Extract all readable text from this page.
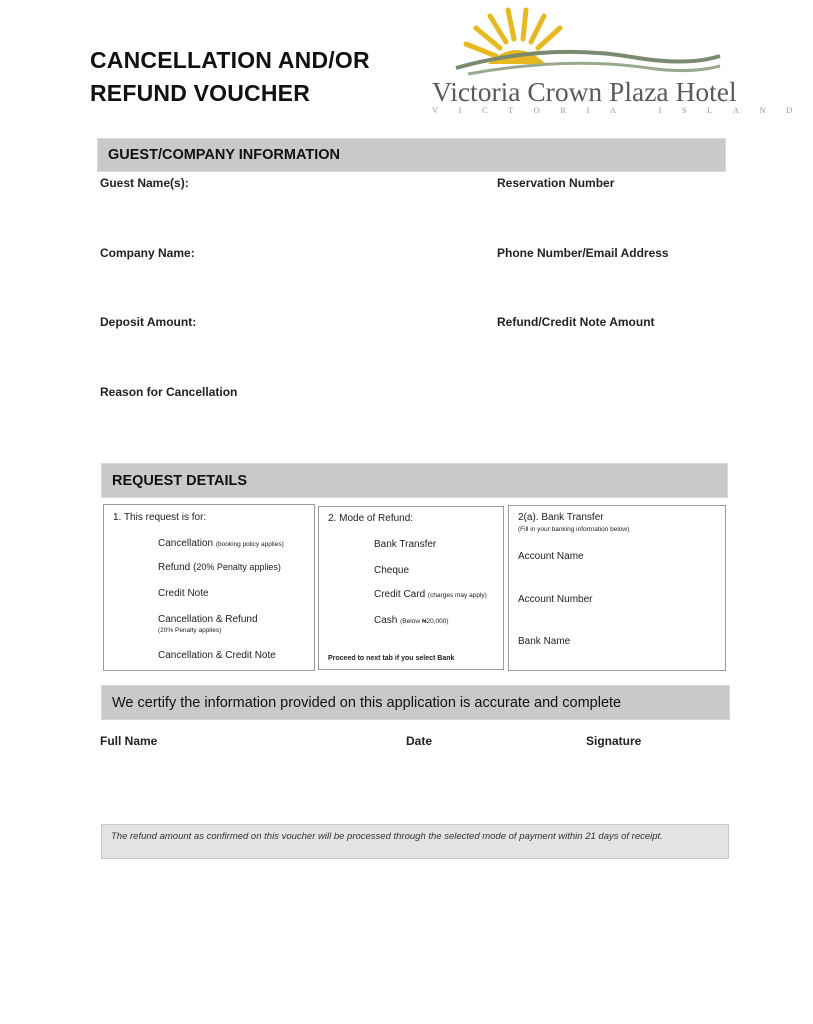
CANCELLATION AND/OR
REFUND VOUCHER	Victoria Crown Plaza Hotel
VICTORIA ISLAND
GUEST/COMPANY INFORMATION
Guest Name(s):	Reservation Number
Company Name:	Phone Number/Email Address
Deposit Amount:	Refund/Credit Note Amount
Reason for Cancellation
REQUEST DETAILS
1. This request is for:
Cancellation (booking policy applies)
Refund (20% Penalty applies)
Credit Note
Cancellation & Refund
(20% Penalty applies)
Cancellation & Credit Note
2. Mode of Refund:
Bank Transfer
Cheque
Credit Card (charges may apply)
Cash (Below ₦20,000)
Proceed to next tab if you select Bank
2(a). Bank Transfer
(Fill in your banking information below)
Account Name
Account Number
Bank Name
We certify the information provided on this application is accurate and complete
Full Name	Date	Signature
The refund amount as confirmed on this voucher will be processed through the selected mode of payment within 21 days of receipt.
